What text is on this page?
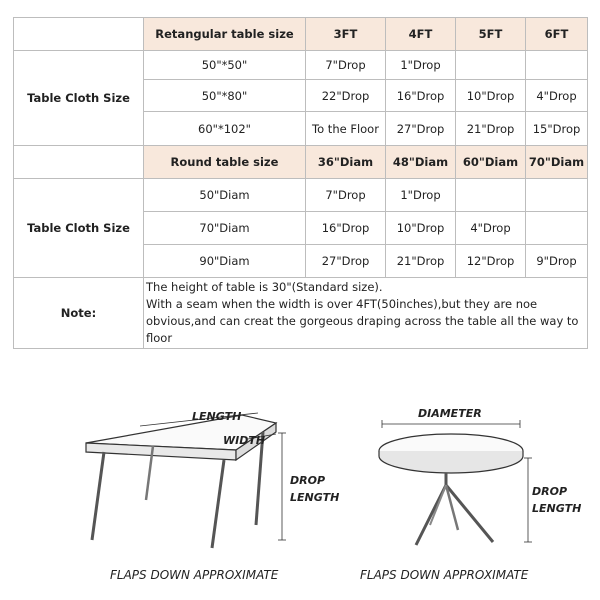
	Retangular table size	3FT	4FT	5FT	6FT
Table Cloth Size	50"*50"	7"Drop	1"Drop		
	50"*80"	22"Drop	16"Drop	10"Drop	4"Drop
	60"*102"	To the Floor	27"Drop	21"Drop	15"Drop
	Round table size	36"Diam	48"Diam	60"Diam	70"Diam
Table Cloth Size	50"Diam	7"Drop	1"Drop		
	70"Diam	16"Drop	10"Drop	4"Drop	
	90"Diam	27"Drop	21"Drop	12"Drop	9"Drop
Note:	The height of table is 30"(Standard size).
With a seam when the width is over 4FT(50inches),but they are noe obvious,and can creat the gorgeous draping across the table all the way to floor				
LENGTH
WIDTH
DROP
LENGTH
DIAMETER
DROP
LENGTH
FLAPS DOWN APPROXIMATE	FLAPS DOWN APPROXIMATE
